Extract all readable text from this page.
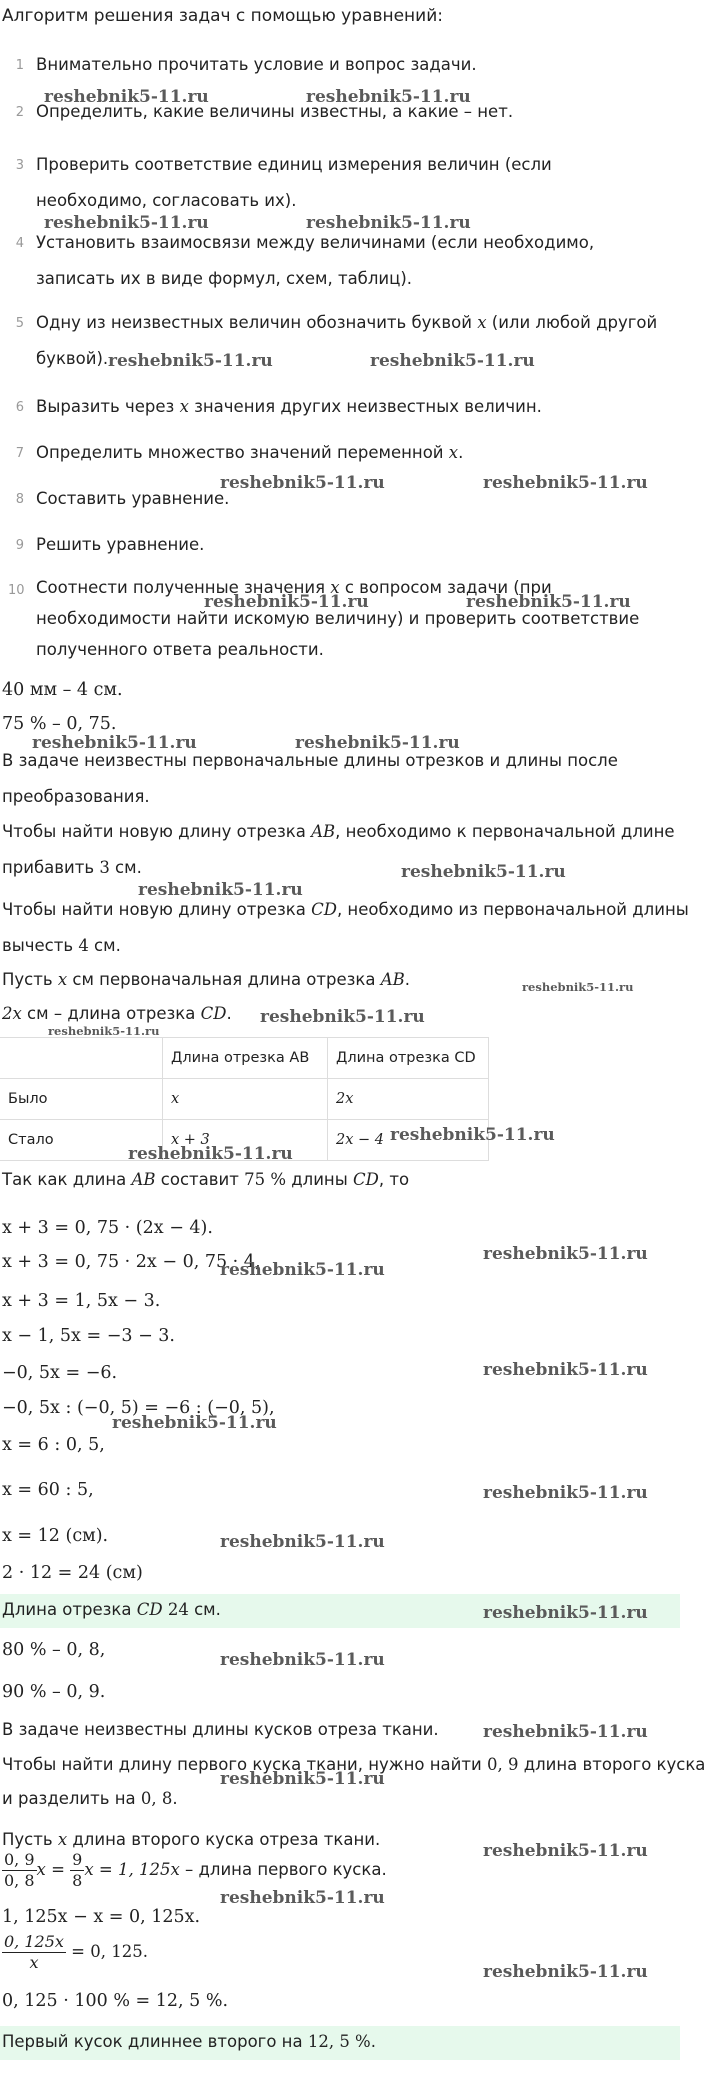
Алгоритм решения задач с помощью уравнений:
1 Внимательно прочитать условие и вопрос задачи.
2 Определить, какие величины известны, а какие – нет.
3 Проверить соответствие единиц измерения величин (если необходимо, согласовать их).
4 Установить взаимосвязи между величинами (если необходимо, записать их в виде формул, схем, таблиц).
5 Одну из неизвестных величин обозначить буквой x (или любой другой буквой).
6 Выразить через x значения других неизвестных величин.
7 Определить множество значений переменной x.
8 Составить уравнение.
9 Решить уравнение.
10 Соотнести полученные значения x с вопросом задачи (при необходимости найти искомую величину) и проверить соответствие полученного ответа реальности.
40 мм – 4 см.
75 % – 0, 75.
В задаче неизвестны первоначальные длины отрезков и длины после
преобразования.
Чтобы найти новую длину отрезка AB, необходимо к первоначальной длине
прибавить 3 см.
Чтобы найти новую длину отрезка CD, необходимо из первоначальной длины
вычесть 4 см.
Пусть x см первоначальная длина отрезка AB.
2x см – длина отрезка CD.
	Длина отрезка AB	Длина отрезка CD
Было	x	2x
Стало	x + 3	2x − 4
Так как длина AB составит 75 % длины CD, то
x + 3 = 0, 75 · (2x − 4).
x + 3 = 0, 75 · 2x − 0, 75 · 4,
x + 3 = 1, 5x − 3.
x − 1, 5x = −3 − 3.
−0, 5x = −6.
−0, 5x : (−0, 5) = −6 : (−0, 5),
x = 6 : 0, 5,
x = 60 : 5,
x = 12 (см).
2 · 12 = 24 (см)
Длина отрезка CD 24 см.
80 % – 0, 8,
90 % – 0, 9.
В задаче неизвестны длины кусков отреза ткани.
Чтобы найти длину первого куска ткани, нужно найти 0, 9 длина второго куска
и разделить на 0, 8.
Пусть x длина второго куска отреза ткани.
$\frac{0, 9}{0, 8}$ $x = \frac{9}{8}$ x = 1, 125x – длина первого куска.
1, 125x − x = 0, 125x.
$\frac{0, 125x}{x} = 0$, 125.
0, 125 · 100 % = 12, 5 %.
Первый кусок длиннее второго на 12, 5 %.
reshebnik5-11.ru	reshebnik5-11.ru
reshebnik5-11.ru	reshebnik5-11.ru
reshebnik5-11.ru	reshebnik5-11.ru
reshebnik5-11.ru	reshebnik5-11.ru
reshebnik5-11.ru	reshebnik5-11.ru
reshebnik5-11.ru	reshebnik5-11.ru
reshebnik5-11.ru
reshebnik5-11.ru
reshebnik5-11.ru
reshebnik5-11.ru
reshebnik5-11.ru
reshebnik5-11.ru
reshebnik5-11.ru
reshebnik5-11.ru
reshebnik5-11.ru
reshebnik5-11.ru
reshebnik5-11.ru
reshebnik5-11.ru
reshebnik5-11.ru
reshebnik5-11.ru
reshebnik5-11.ru
reshebnik5-11.ru
reshebnik5-11.ru
reshebnik5-11.ru
reshebnik5-11.ru
reshebnik5-11.ru
